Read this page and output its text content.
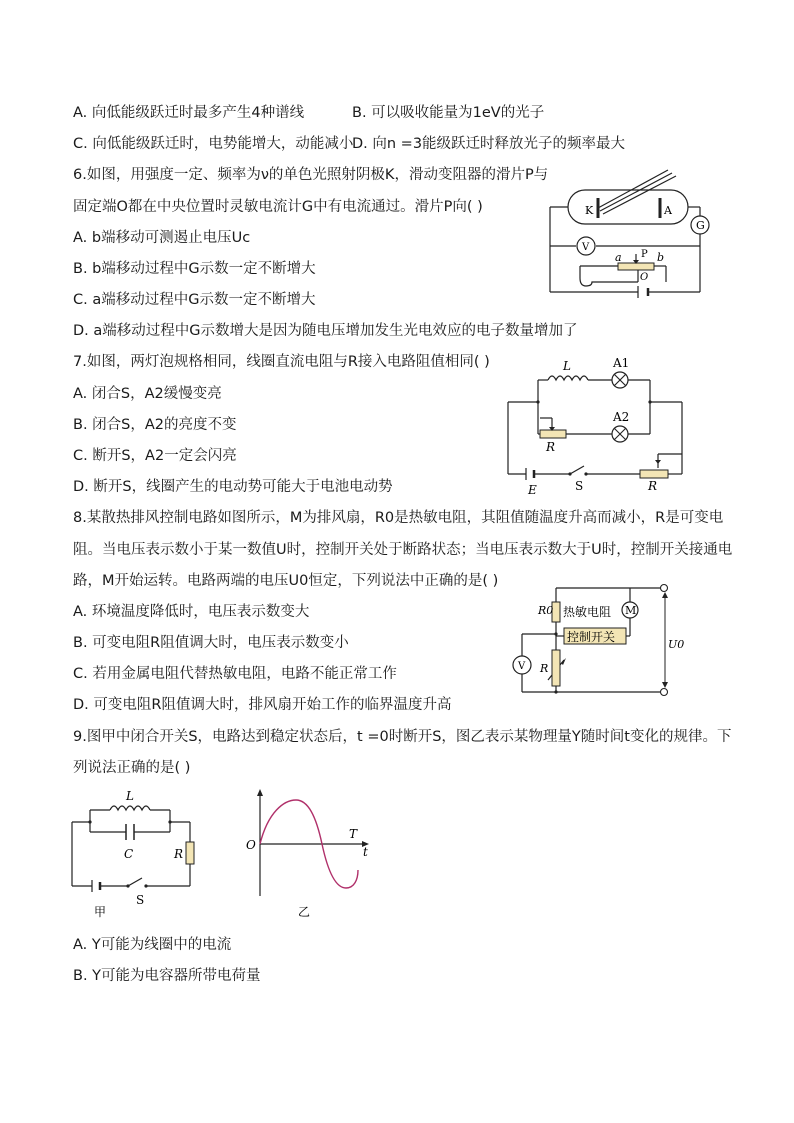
A. 向低能级跃迁时最多产生4种谱线	B. 可以吸收能量为1eV的光子
C. 向低能级跃迁时，电势能增大，动能减小
D. 向n =3能级跃迁时释放光子的频率最大
6.如图，用强度一定、频率为ν的单色光照射阴极K，滑动变阻器的滑片P与
固定端O都在中央位置时灵敏电流计G中有电流通过。滑片P向( )
A. b端移动可测遏止电压Uc
B. b端移动过程中G示数一定不断增大
C. a端移动过程中G示数一定不断增大
D. a端移动过程中G示数增大是因为随电压增加发生光电效应的电子数量增加了
K	A
G
V
a P b
O
7.如图，两灯泡规格相同，线圈直流电阻与R接入电路阻值相同( )
A. 闭合S，A2缓慢变亮
B. 闭合S，A2的亮度不变
C. 断开S，A2一定会闪亮
D. 断开S，线圈产生的电动势可能大于电池电动势
L	A1
A2
R
E	S	R
8.某散热排风控制电路如图所示，M为排风扇，R0是热敏电阻，其阻值随温度升高而减小，R是可变电
阻。当电压表示数小于某一数值U时，控制开关处于断路状态；当电压表示数大于U时，控制开关接通电
路，M开始运转。电路两端的电压U0恒定，下列说法中正确的是( )
A. 环境温度降低时，电压表示数变大
B. 可变电阻R阻值调大时，电压表示数变小
C. 若用金属电阻代替热敏电阻，电路不能正常工作
D. 可变电阻R阻值调大时，排风扇开始工作的临界温度升高
R0 热敏电阻 M
控制开关
V R
U0
9.图甲中闭合开关S，电路达到稳定状态后，t =0时断开S，图乙表示某物理量Y随时间t变化的规律。下
列说法正确的是( )
L
C	R
S
甲
O
T
t
乙
A. Y可能为线圈中的电流
B. Y可能为电容器所带电荷量
